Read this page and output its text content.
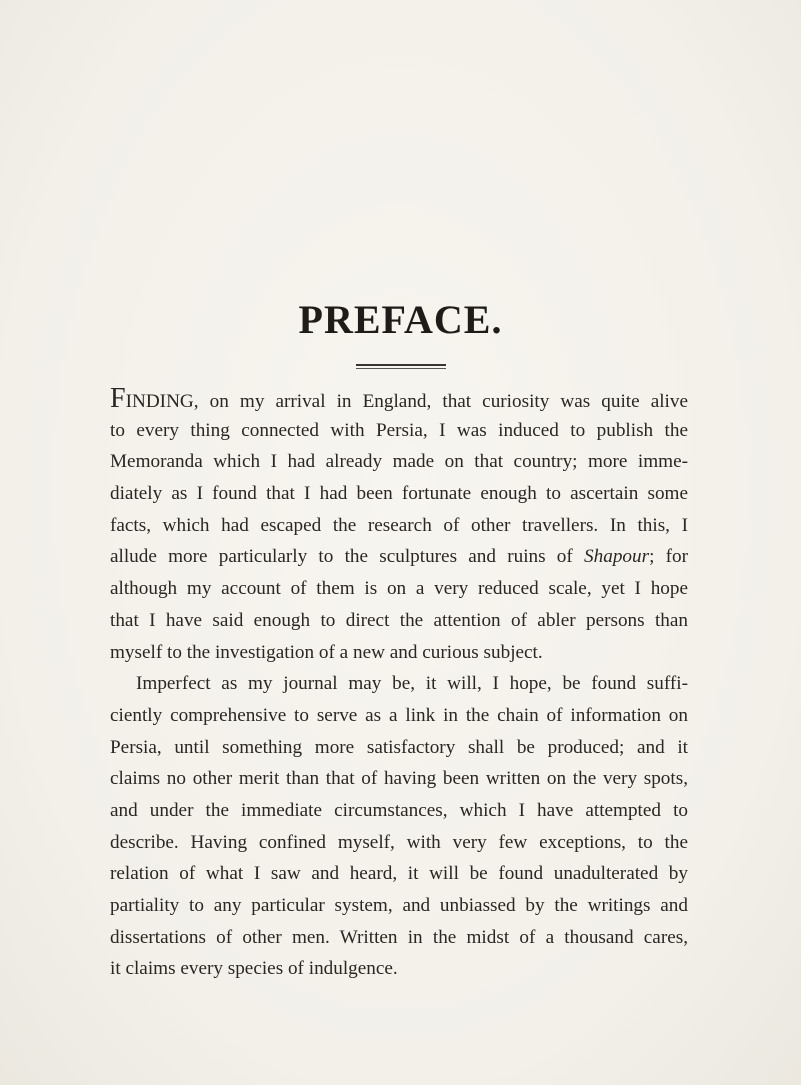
PREFACE.
FINDING, on my arrival in England, that curiosity was quite alive
to every thing connected with Persia, I was induced to publish the
Memoranda which I had already made on that country; more imme-
diately as I found that I had been fortunate enough to ascertain some
facts, which had escaped the research of other travellers. In this, I
allude more particularly to the sculptures and ruins of Shapour; for
although my account of them is on a very reduced scale, yet I hope
that I have said enough to direct the attention of abler persons than
myself to the investigation of a new and curious subject.
Imperfect as my journal may be, it will, I hope, be found suffi-
ciently comprehensive to serve as a link in the chain of information on
Persia, until something more satisfactory shall be produced; and it
claims no other merit than that of having been written on the very spots,
and under the immediate circumstances, which I have attempted to
describe. Having confined myself, with very few exceptions, to the
relation of what I saw and heard, it will be found unadulterated by
partiality to any particular system, and unbiassed by the writings and
dissertations of other men. Written in the midst of a thousand cares,
it claims every species of indulgence.
